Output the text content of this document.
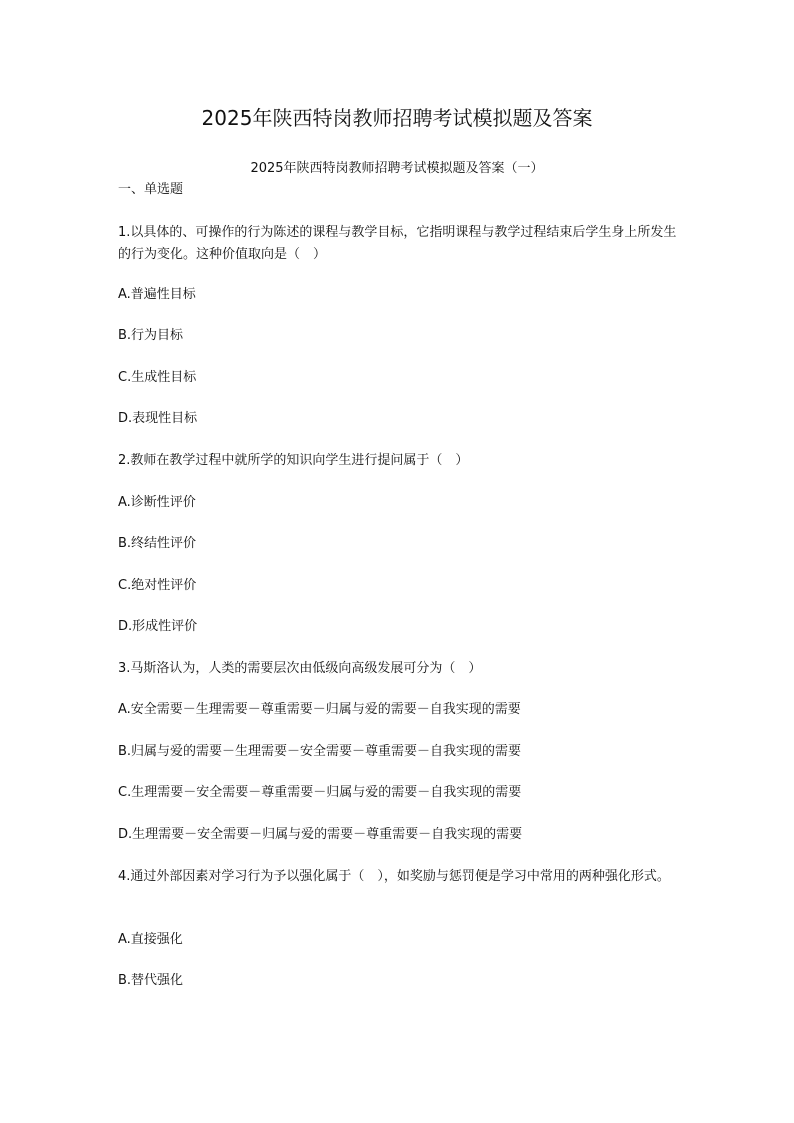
2025年陕西特岗教师招聘考试模拟题及答案

2025年陕西特岗教师招聘考试模拟题及答案（一）

一、单选题

1.以具体的、可操作的行为陈述的课程与教学目标，它指明课程与教学过程结束后学生身上所发生的行为变化。这种价值取向是（　）

A.普遍性目标

B.行为目标

C.生成性目标

D.表现性目标

2.教师在教学过程中就所学的知识向学生进行提问属于（　）

A.诊断性评价

B.终结性评价

C.绝对性评价

D.形成性评价

3.马斯洛认为，人类的需要层次由低级向高级发展可分为（　）

A.安全需要－生理需要－尊重需要－归属与爱的需要－自我实现的需要

B.归属与爱的需要－生理需要－安全需要－尊重需要－自我实现的需要

C.生理需要－安全需要－尊重需要－归属与爱的需要－自我实现的需要

D.生理需要－安全需要－归属与爱的需要－尊重需要－自我实现的需要

4.通过外部因素对学习行为予以强化属于（　），如奖励与惩罚便是学习中常用的两种强化形式。

A.直接强化

B.替代强化
